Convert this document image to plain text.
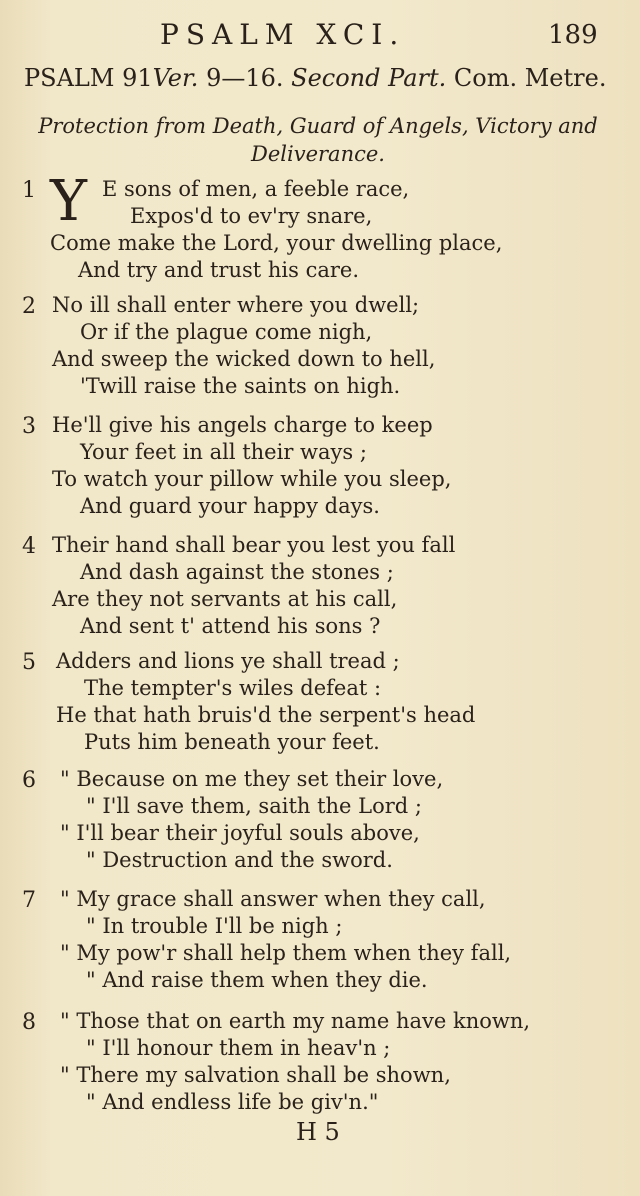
PSALM XCI.	189
PSALM 91Ver. 9—16. Second Part. Com. Metre.
Protection from Death, Guard of Angels, Victory and
Deliverance.
1 Y E sons of men, a feeble race,
Expos'd to ev'ry snare,
Come make the Lord, your dwelling place,
And try and trust his care.
2 No ill shall enter where you dwell;
Or if the plague come nigh,
And sweep the wicked down to hell,
'Twill raise the saints on high.
3 He'll give his angels charge to keep
Your feet in all their ways ;
To watch your pillow while you sleep,
And guard your happy days.
4 Their hand shall bear you lest you fall
And dash against the stones ;
Are they not servants at his call,
And sent t' attend his sons ?
5 Adders and lions ye shall tread ;
The tempter's wiles defeat :
He that hath bruis'd the serpent's head
Puts him beneath your feet.
6 " Because on me they set their love,
" I'll save them, saith the Lord ;
" I'll bear their joyful souls above,
" Destruction and the sword.
7 " My grace shall answer when they call,
" In trouble I'll be nigh ;
" My pow'r shall help them when they fall,
" And raise them when they die.
8 " Those that on earth my name have known,
" I'll honour them in heav'n ;
" There my salvation shall be shown,
" And endless life be giv'n."
H 5
